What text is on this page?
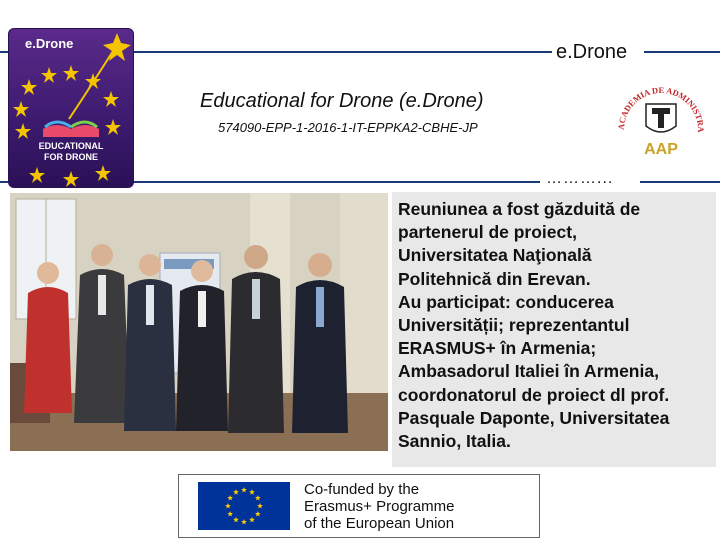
e.Drone
………...
e.Drone
EDUCATIONAL
FOR DRONE
Educational for Drone (e.Drone)
574090-EPP-1-2016-1-IT-EPPKA2-CBHE-JP	ACADEMIA DE ADMINISTRA
AAP
Reuniunea a fost găzduită de
partenerul de proiect,
Universitatea Naţională
Politehnică din Erevan.
Au participat: conducerea
Universității; reprezentantul
ERASMUS+ în Armenia;
Ambasadorul Italiei în Armenia,
coordonatorul de proiect dl prof.
Pasquale Daponte, Universitatea
Sannio, Italia.
Co-funded by the
Erasmus+ Programme
of the European Union
